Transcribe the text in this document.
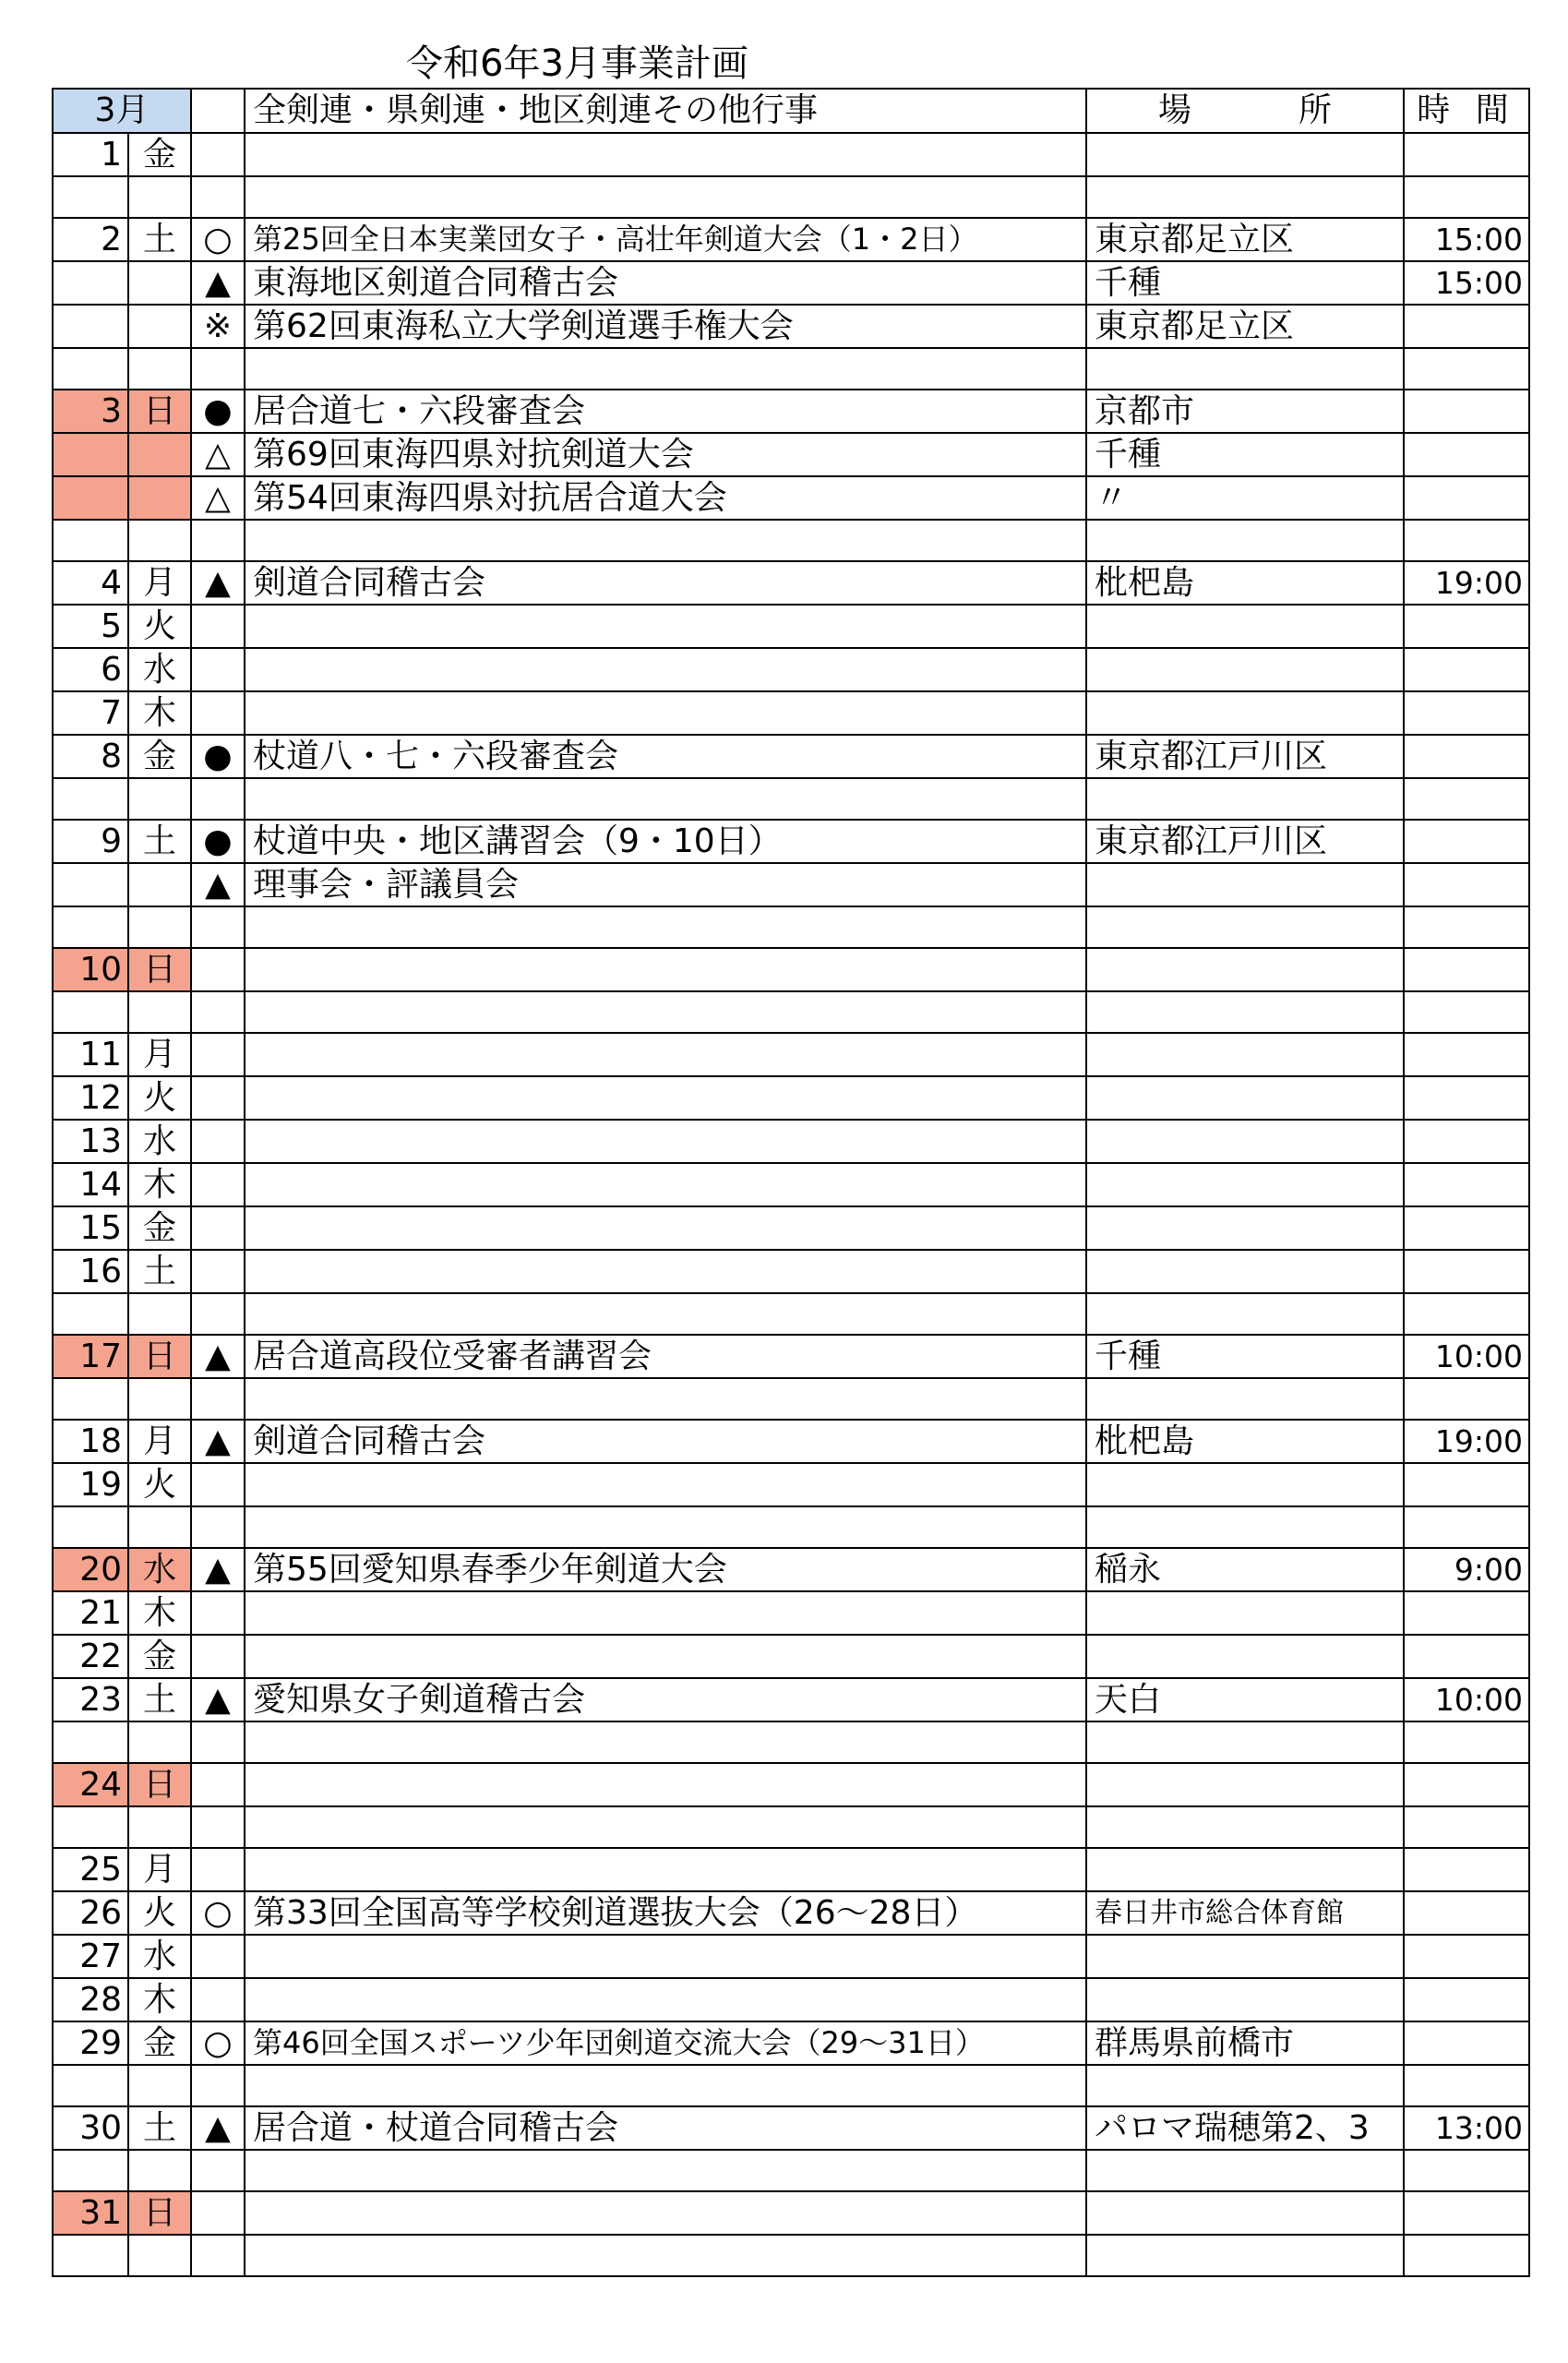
令和6年3月事業計画
3月			全剣連・県剣連・地区剣連その他行事	場　所	時 間
1	金				

2	土	○	第25回全日本実業団女子・高壮年剣道大会（1・2日）	東京都足立区	15:00
		▲	東海地区剣道合同稽古会	千種	15:00
		※	第62回東海私立大学剣道選手権大会	東京都足立区	

3	日	●	居合道七・六段審査会	京都市	
		△	第69回東海四県対抗剣道大会	千種	
		△	第54回東海四県対抗居合道大会	〃	

4	月	▲	剣道合同稽古会	枇杷島	19:00
5	火				
6	水				
7	木				
8	金	●	杖道八・七・六段審査会	東京都江戸川区	

9	土	●	杖道中央・地区講習会（9・10日）	東京都江戸川区	
		▲	理事会・評議員会		

10	日				

11	月				
12	火				
13	水				
14	木				
15	金				
16	土				

17	日	▲	居合道高段位受審者講習会	千種	10:00

18	月	▲	剣道合同稽古会	枇杷島	19:00
19	火				

20	水	▲	第55回愛知県春季少年剣道大会	稲永	9:00
21	木				
22	金				
23	土	▲	愛知県女子剣道稽古会	天白	10:00

24	日				

25	月				
26	火	○	第33回全国高等学校剣道選抜大会（26～28日）	春日井市総合体育館	
27	水				
28	木				
29	金	○	第46回全国スポーツ少年団剣道交流大会（29～31日）	群馬県前橋市	

30	土	▲	居合道・杖道合同稽古会	パロマ瑞穂第2、3	13:00

31	日				
